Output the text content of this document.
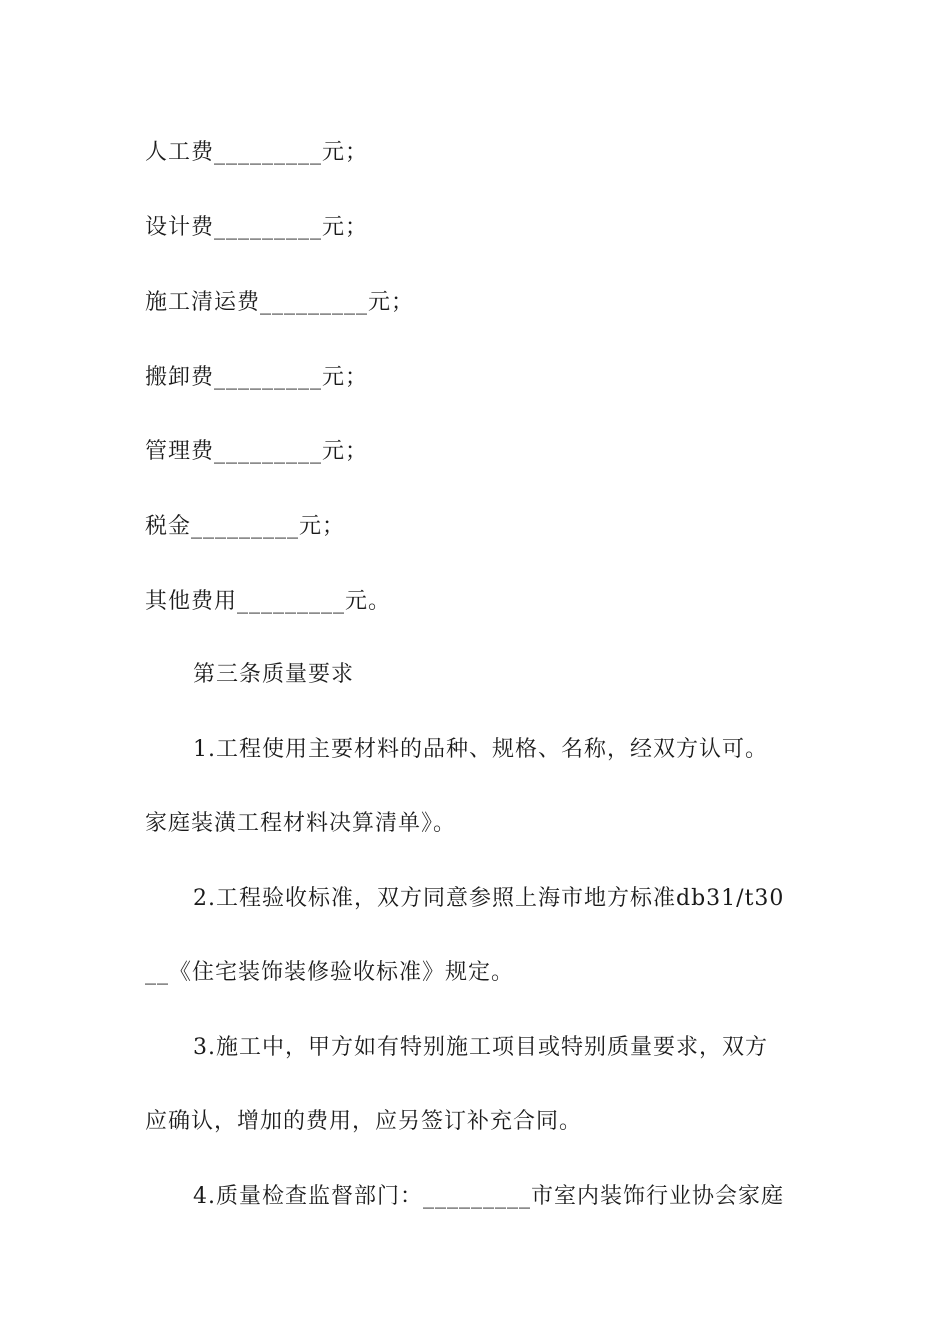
人工费_________元；
设计费_________元；
施工清运费_________元；
搬卸费_________元；
管理费_________元；
税金_________元；
其他费用_________元。
第三条质量要求
1.工程使用主要材料的品种、规格、名称，经双方认可。
家庭装潢工程材料决算清单》。
2.工程验收标准，双方同意参照上海市地方标准db31/t30
__《住宅装饰装修验收标准》规定。
3.施工中，甲方如有特别施工项目或特别质量要求，双方
应确认，增加的费用，应另签订补充合同。
4.质量检查监督部门：_________市室内装饰行业协会家庭
